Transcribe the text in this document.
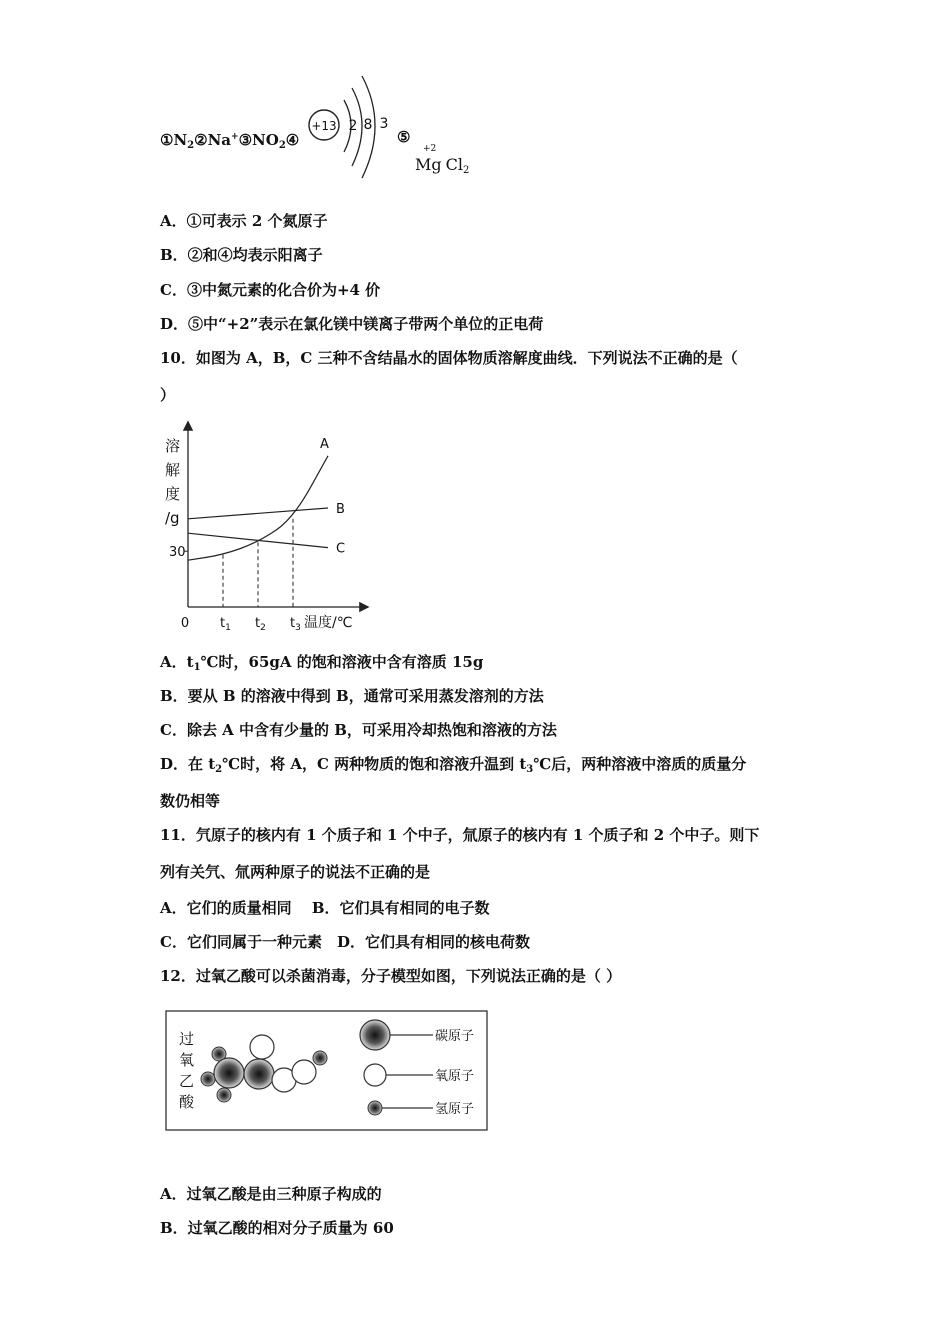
$①N_2②Na^+③NO_2④$
+13 2 8 3
⑤
+2
Mg $Cl_2$
A．①可表示 2 个氮原子
B．②和④均表示阳离子
C．③中氮元素的化合价为+4 价
D．⑤中“+2”表示在氯化镁中镁离子带两个单位的正电荷
10．如图为 A，B，C 三种不含结晶水的固体物质溶解度曲线．下列说法不正确的是（
）
溶
解
度
/g
0
A
B
C
$t_1$ $t_2$ $t_3$
30
温度/℃
A．$t_1℃$时，65gA 的饱和溶液中含有溶质 15g
B．要从 B 的溶液中得到 B，通常可采用蒸发溶剂的方法
C．除去 A 中含有少量的 B，可采用冷却热饱和溶液的方法
D．在 $t_2℃$时，将 A，C 两种物质的饱和溶液升温到 $t_3℃$后，两种溶液中溶质的质量分
数仍相等
11．氕原子的核内有 1 个质子和 1 个中子，氚原子的核内有 1 个质子和 2 个中子。则下
列有关氕、氚两种原子的说法不正确的是
A．它们的质量相同　 B．它们具有相同的电子数
C．它们同属于一种元素　D．它们具有相同的核电荷数
12．过氧乙酸可以杀菌消毒，分子模型如图，下列说法正确的是（ ）
过
氧
乙
酸
碳原子
氧原子
氢原子
A．过氧乙酸是由三种原子构成的
B．过氧乙酸的相对分子质量为 60
